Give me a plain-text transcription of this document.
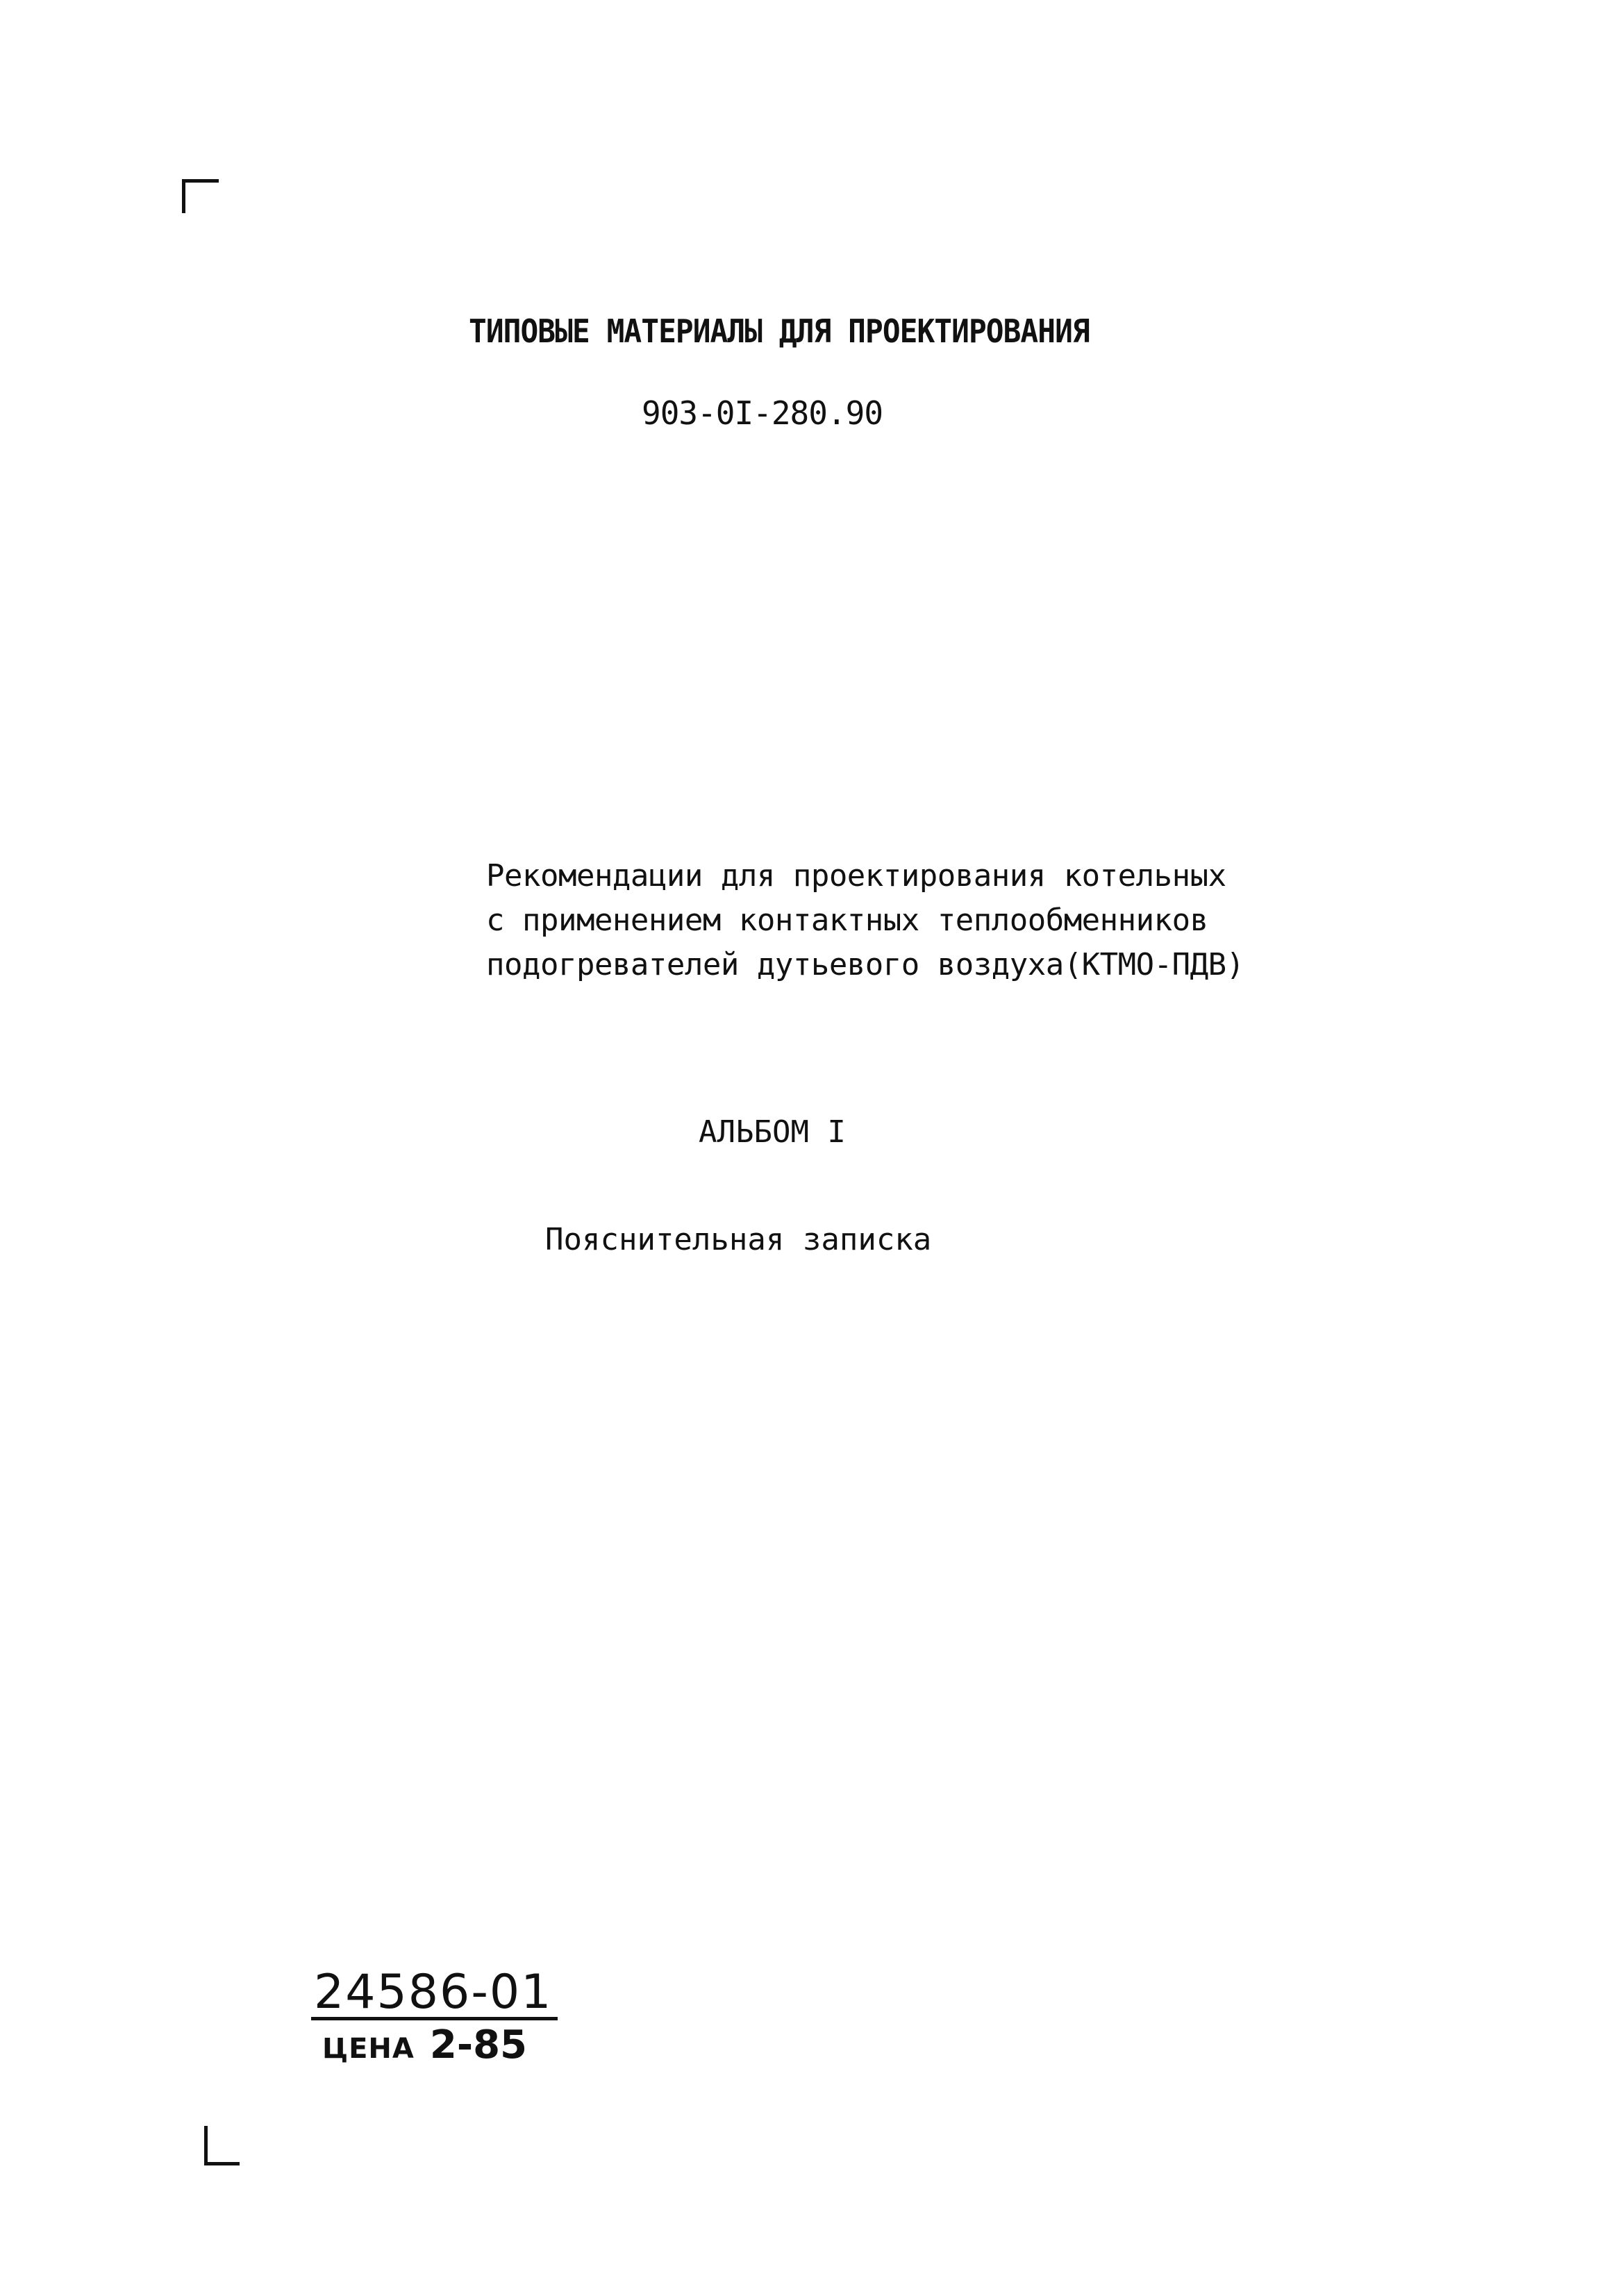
ТИПОВЫЕ МАТЕРИАЛЫ ДЛЯ ПРОЕКТИРОВАНИЯ
903-0I-280.90
Рекомендации для проектирования котельных
с применением контактных теплообменников
подогревателей дутьевого воздуха(КТМО-ПДВ)
АЛЬБОМ I
Пояснительная записка
24586-01
ЦЕНА 2-85
